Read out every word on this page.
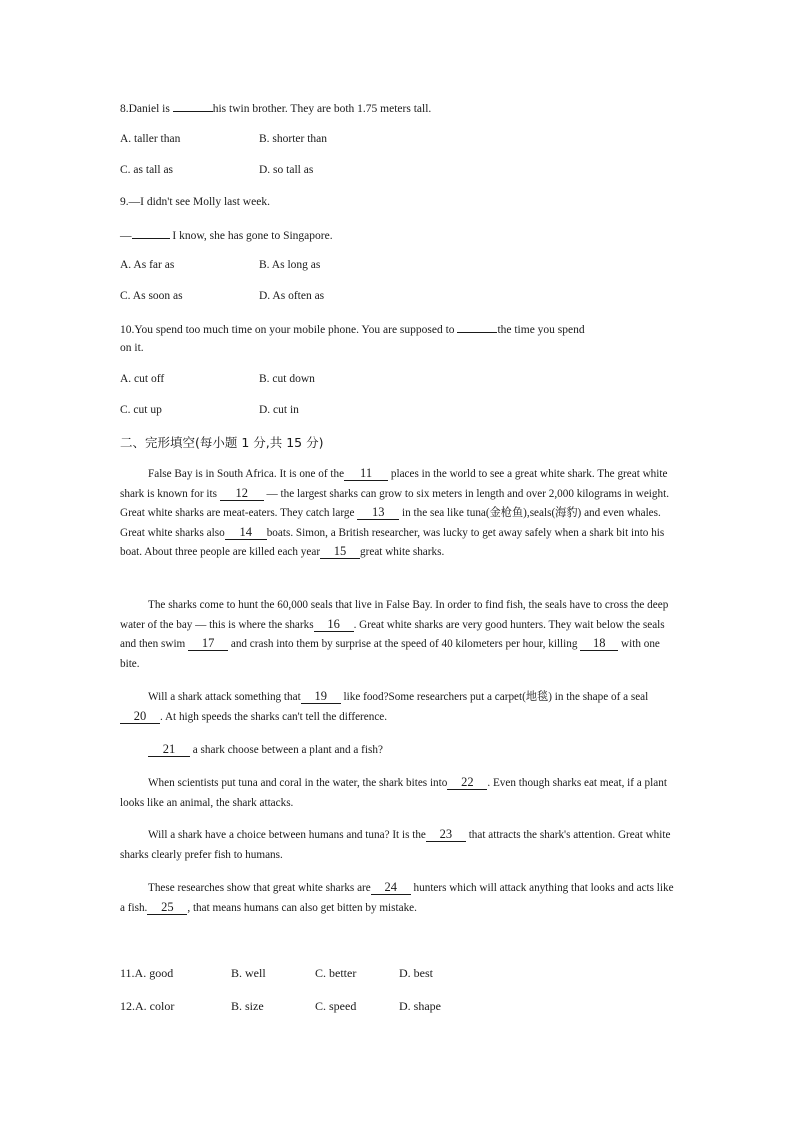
8.Daniel is	his twin brother. They are both 1.75 meters tall.
A. taller than	B. shorter than
C. as tall as	D. so tall as
9.—I didn't see Molly last week.
—	I know, she has gone to Singapore.
A. As far as	B. As long as
C. As soon as	D. As often as
10.You spend too much time on your mobile phone. You are supposed to	the time you spend
on it.
A. cut off	B. cut down
C. cut up	D. cut in
二、完形填空(每小题 1 分,共 15 分)
False Bay is in South Africa. It is one of the 11 places in the world to see a great white shark. The great white shark is known for its 12 — the largest sharks can grow to six meters in length and over 2,000 kilograms in weight. Great white sharks are meat-eaters. They catch large 13 in the sea like tuna(金枪鱼),seals(海豹) and even whales. Great white sharks also 14 boats. Simon, a British researcher, was lucky to get away safely when a shark bit into his boat. About three people are killed each year 15 great white sharks.
The sharks come to hunt the 60,000 seals that live in False Bay. In order to find fish, the seals have to cross the deep water of the bay — this is where the sharks 16 . Great white sharks are very good hunters. They wait below the seals and then swim 17 and crash into them by surprise at the speed of 40 kilometers per hour, killing 18 with one bite.
Will a shark attack something that 19 like food?Some researchers put a carpet(地毯) in the shape of a seal20 . At high speeds the sharks can't tell the difference.
21 a shark choose between a plant and a fish?
When scientists put tuna and coral in the water, the shark bites into 22 . Even though sharks eat meat, if a plant looks like an animal, the shark attacks.
Will a shark have a choice between humans and tuna? It is the 23 that attracts the shark's attention. Great white sharks clearly prefer fish to humans.
These researches show that great white sharks are 24 hunters which will attack anything that looks and acts like a fish. 25 , that means humans can also get bitten by mistake.
11.A. good	B. well	C. better	D. best
12.A. color	B. size	C. speed	D. shape
